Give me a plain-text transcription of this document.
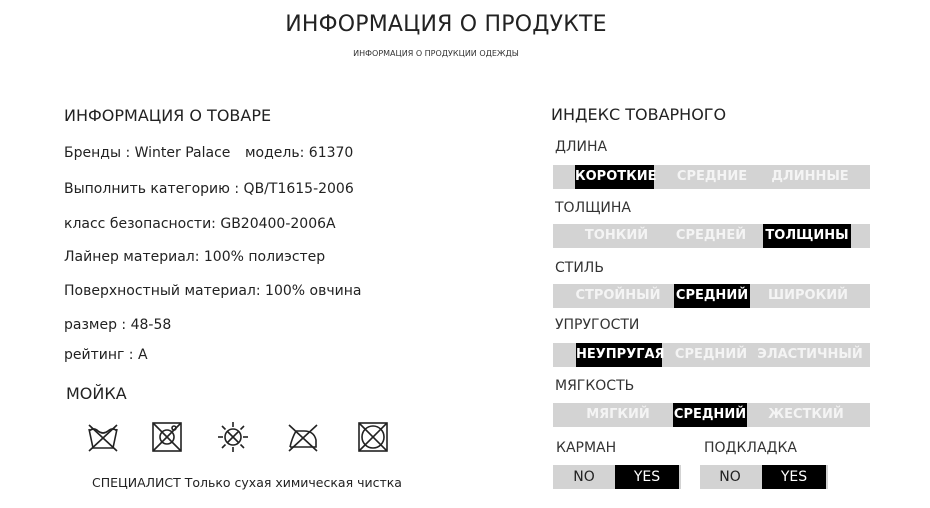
ИНФОРМАЦИЯ О ПРОДУКТЕ
ИНФОРМАЦИЯ О ПРОДУКЦИИ ОДЕЖДЫ
ИНФОРМАЦИЯ О ТОВАРЕ
Бренды : Winter Palace модель: 61370
Выполнить категорию : QB/T1615-2006
класс безопасности: GB20400-2006A
Лайнер материал: 100% полиэстер
Поверхностный материал: 100% овчина
размер : 48-58
рейтинг : A
МОЙКА
СПЕЦИАЛИСТ Только сухая химическая чистка
ИНДЕКС ТОВАРНОГО
ДЛИНА
КОРОТКИЕ	СРЕДНИЕ	ДЛИННЫЕ
ТОЛЩИНА
ТОНКИЙ	СРЕДНЕЙ	ТОЛЩИНЫ
СТИЛЬ
СТРОЙНЫЙ	СРЕДНИЙ	ШИРОКИЙ
УПРУГОСТИ
НЕУПРУГАЯ СРЕДНИЙ ЭЛАСТИЧНЫЙ
МЯГКОСТЬ
МЯГКИЙ	СРЕДНИЙ	ЖЕСТКИЙ
КАРМАН
NO	YES
ПОДКЛАДКА
NO	YES
